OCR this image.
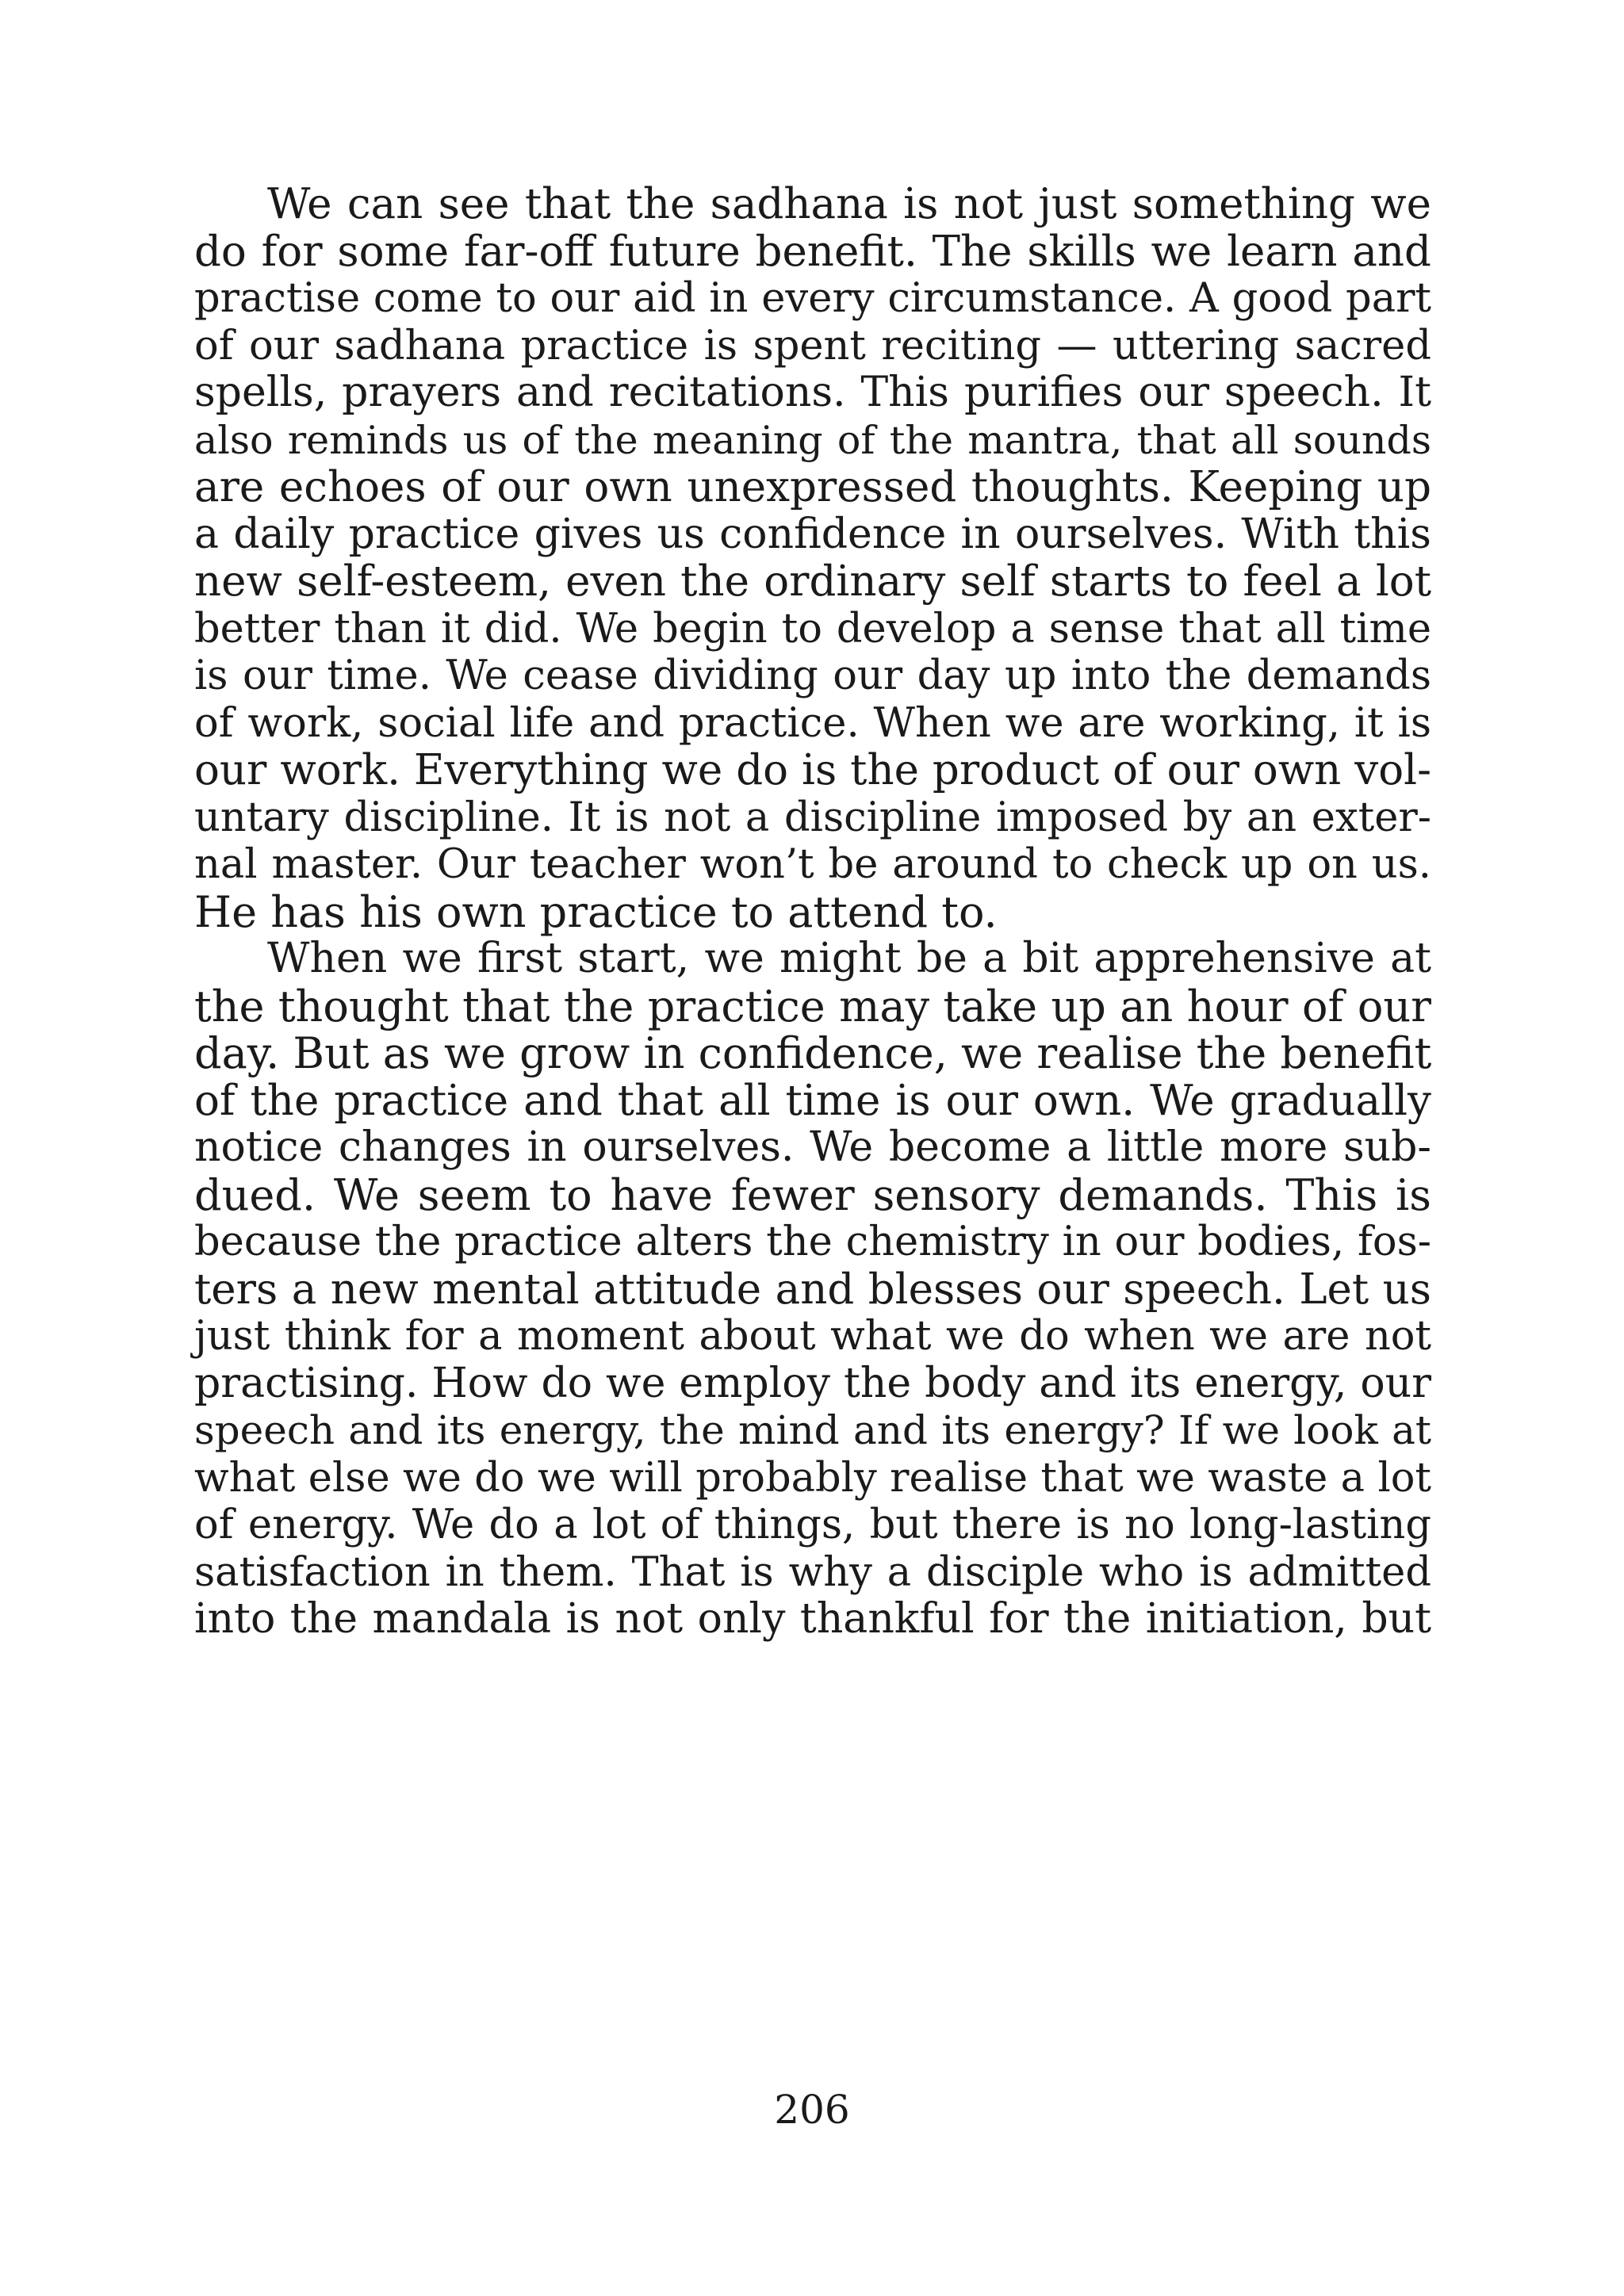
We can see that the sadhana is not just something we
do for some far-off future benefit. The skills we learn and
practise come to our aid in every circumstance. A good part
of our sadhana practice is spent reciting — uttering sacred
spells, prayers and recitations. This purifies our speech. It
also reminds us of the meaning of the mantra, that all sounds
are echoes of our own unexpressed thoughts. Keeping up
a daily practice gives us confidence in ourselves. With this
new self-esteem, even the ordinary self starts to feel a lot
better than it did. We begin to develop a sense that all time
is our time. We cease dividing our day up into the demands
of work, social life and practice. When we are working, it is
our work. Everything we do is the product of our own vol-
untary discipline. It is not a discipline imposed by an exter-
nal master. Our teacher won’t be around to check up on us.
He has his own practice to attend to.
When we first start, we might be a bit apprehensive at
the thought that the practice may take up an hour of our
day. But as we grow in confidence, we realise the benefit
of the practice and that all time is our own. We gradually
notice changes in ourselves. We become a little more sub-
dued. We seem to have fewer sensory demands. This is
because the practice alters the chemistry in our bodies, fos-
ters a new mental attitude and blesses our speech. Let us
just think for a moment about what we do when we are not
practising. How do we employ the body and its energy, our
speech and its energy, the mind and its energy? If we look at
what else we do we will probably realise that we waste a lot
of energy. We do a lot of things, but there is no long-lasting
satisfaction in them. That is why a disciple who is admitted
into the mandala is not only thankful for the initiation, but
206
